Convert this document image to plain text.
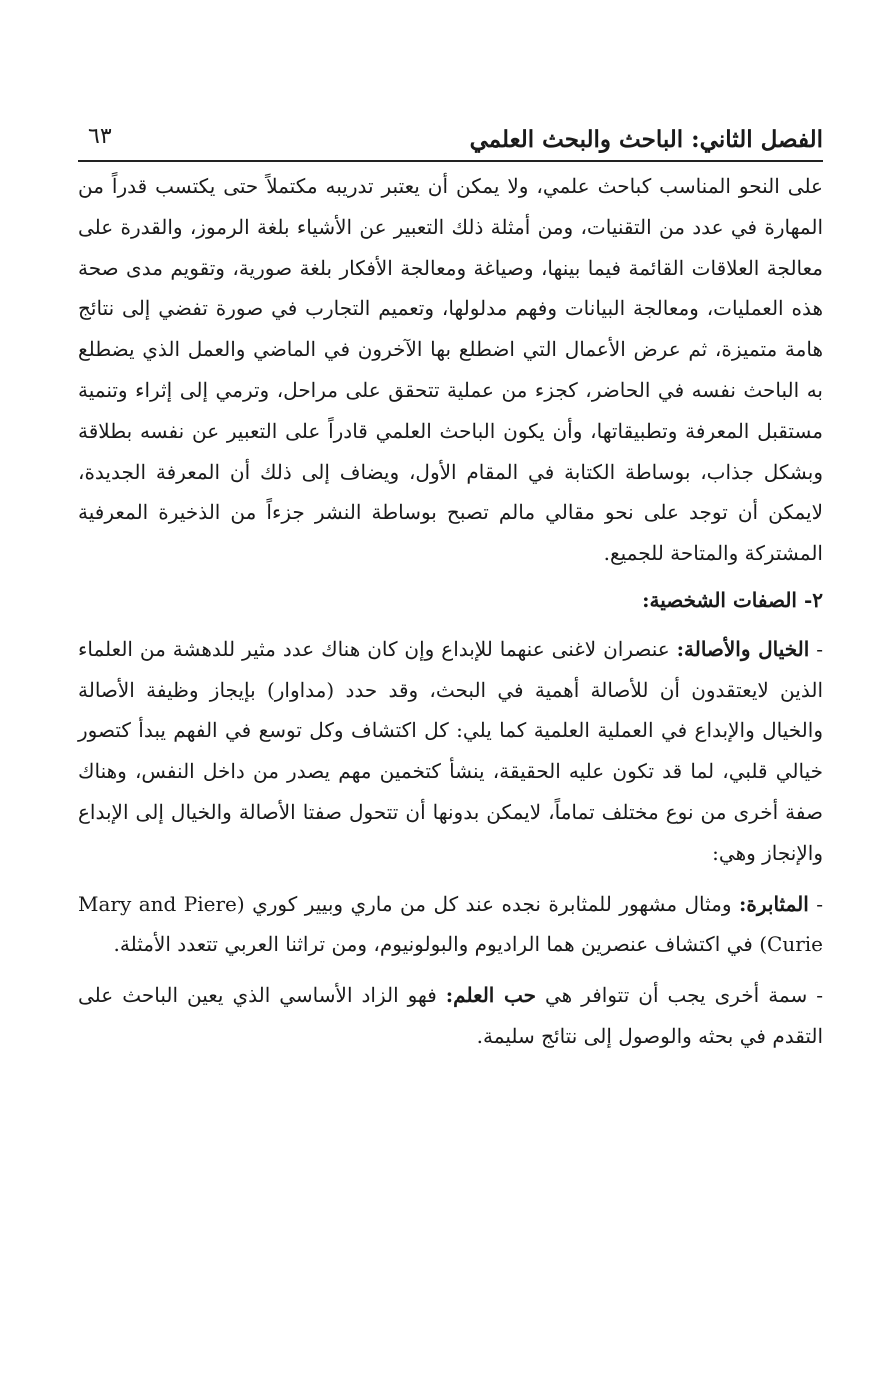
الفصل الثاني: الباحث والبحث العلمي
٦٣

على النحو المناسب كباحث علمي، ولا يمكن أن يعتبر تدريبه مكتملاً حتى يكتسب قدراً من المهارة في عدد من التقنيات، ومن أمثلة ذلك التعبير عن الأشياء بلغة الرموز، والقدرة على معالجة العلاقات القائمة فيما بينها، وصياغة ومعالجة الأفكار بلغة صورية، وتقويم مدى صحة هذه العمليات، ومعالجة البيانات وفهم مدلولها، وتعميم التجارب في صورة تفضي إلى نتائج هامة متميزة، ثم عرض الأعمال التي اضطلع بها الآخرون في الماضي والعمل الذي يضطلع به الباحث نفسه في الحاضر، كجزء من عملية تتحقق على مراحل، وترمي إلى إثراء وتنمية مستقبل المعرفة وتطبيقاتها، وأن يكون الباحث العلمي قادراً على التعبير عن نفسه بطلاقة وبشكل جذاب، بوساطة الكتابة في المقام الأول، ويضاف إلى ذلك أن المعرفة الجديدة، لايمكن أن توجد على نحو مقالي مالم تصبح بوساطة النشر جزءاً من الذخيرة المعرفية المشتركة والمتاحة للجميع.

٢- الصفات الشخصية:

- الخيال والأصالة: عنصران لاغنى عنهما للإبداع وإن كان هناك عدد مثير للدهشة من العلماء الذين لايعتقدون أن للأصالة أهمية في البحث، وقد حدد (مداوار) بإيجاز وظيفة الأصالة والخيال والإبداع في العملية العلمية كما يلي: كل اكتشاف وكل توسع في الفهم يبدأ كتصور خيالي قلبي، لما قد تكون عليه الحقيقة، ينشأ كتخمين مهم يصدر من داخل النفس، وهناك صفة أخرى من نوع مختلف تماماً، لايمكن بدونها أن تتحول صفتا الأصالة والخيال إلى الإبداع والإنجاز وهي:

- المثابرة: ومثال مشهور للمثابرة نجده عند كل من ماري وبيير كوري (Mary and Piere Curie) في اكتشاف عنصرين هما الراديوم والبولونيوم، ومن تراثنا العربي تتعدد الأمثلة.

- سمة أخرى يجب أن تتوافر هي حب العلم: فهو الزاد الأساسي الذي يعين الباحث على التقدم في بحثه والوصول إلى نتائج سليمة.
